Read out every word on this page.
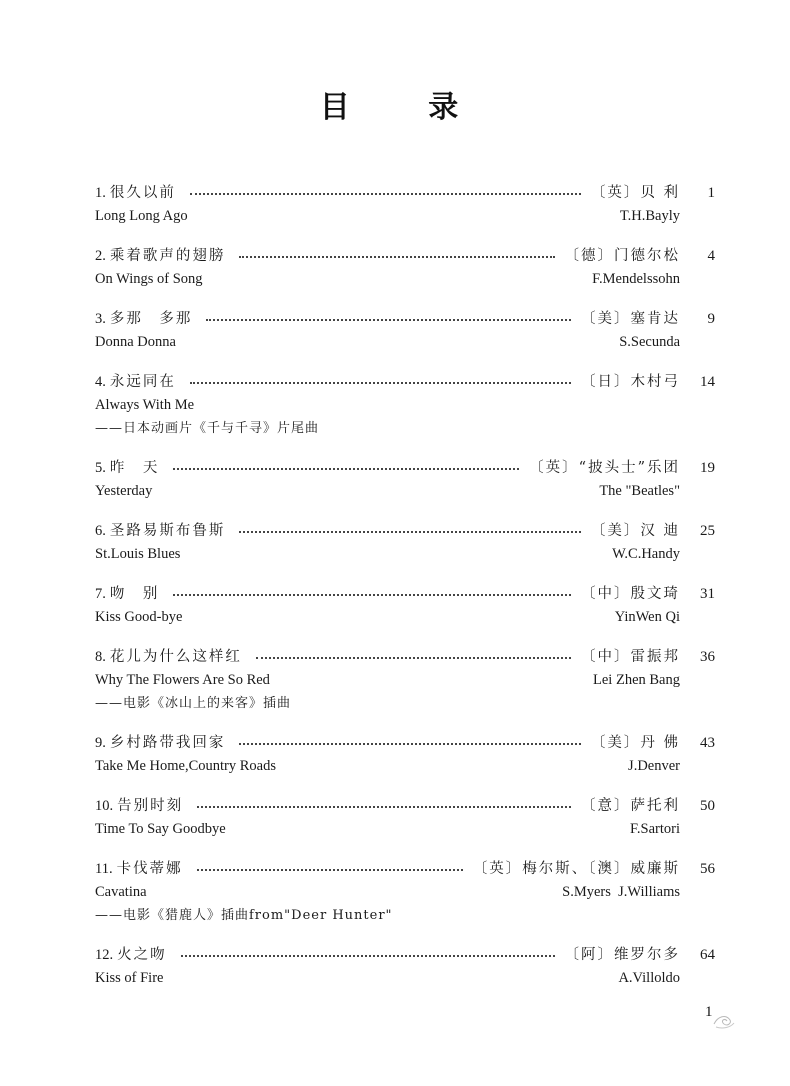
目 录
1. 很久以前	〔英〕贝 利	1
Long Long Ago	T.H.Bayly
2. 乘着歌声的翅膀	〔德〕门德尔松	4
On Wings of Song	F.Mendelssohn
3. 多那　多那	〔美〕塞肯达	9
Donna Donna	S.Secunda
4. 永远同在	〔日〕木村弓	14
Always With Me
——日本动画片《千与千寻》片尾曲
5. 昨　天	〔英〕“披头士”乐团	19
Yesterday	The "Beatles"
6. 圣路易斯布鲁斯	〔美〕汉 迪	25
St.Louis Blues	W.C.Handy
7. 吻　别	〔中〕殷文琦	31
Kiss Good-bye	YinWen Qi
8. 花儿为什么这样红	〔中〕雷振邦	36
Why The Flowers Are So Red	Lei Zhen Bang
——电影《冰山上的来客》插曲
9. 乡村路带我回家	〔美〕丹 佛	43
Take Me Home,Country Roads	J.Denver
10. 告别时刻	〔意〕萨托利	50
Time To Say Goodbye	F.Sartori
11. 卡伐蒂娜	〔英〕梅尔斯、〔澳〕威廉斯	56
Cavatina	S.Myers  J.Williams
——电影《猎鹿人》插曲from"Deer Hunter"
12. 火之吻	〔阿〕维罗尔多	64
Kiss of Fire	A.Villoldo
1
